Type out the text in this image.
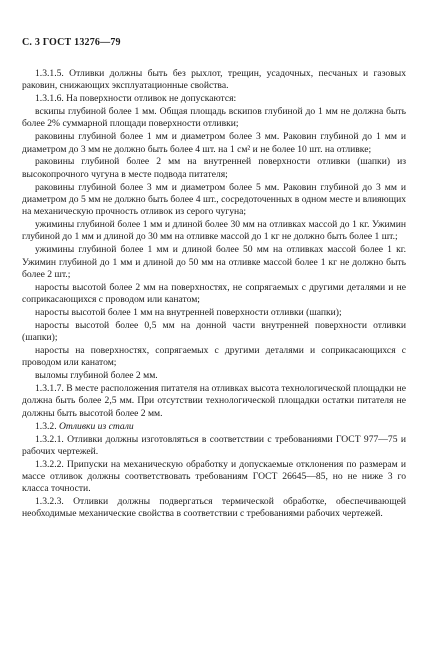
С. 3 ГОСТ 13276—79

1.3.1.5. Отливки должны быть без рыхлот, трещин, усадочных, песчаных и газовых раковин, снижающих эксплуатационные свойства.

1.3.1.6. На поверхности отливок не допускаются:

вскипы глубиной более 1 мм. Общая площадь вскипов глубиной до 1 мм не должна быть более 2% суммарной площади поверхности отливки;

раковины глубиной более 1 мм и диаметром более 3 мм. Раковин глубиной до 1 мм и диаметром до 3 мм не должно быть более 4 шт. на 1 см² и не более 10 шт. на отливке;

раковины глубиной более 2 мм на внутренней поверхности отливки (шапки) из высокопрочного чугуна в месте подвода питателя;

раковины глубиной более 3 мм и диаметром более 5 мм. Раковин глубиной до 3 мм и диаметром до 5 мм не должно быть более 4 шт., сосредоточенных в одном месте и влияющих на механическую прочность отливок из серого чугуна;

ужимины глубиной более 1 мм и длиной более 30 мм на отливках массой до 1 кг. Ужимин глубиной до 1 мм и длиной до 30 мм на отливке массой до 1 кг не должно быть более 1 шт.;

ужимины глубиной более 1 мм и длиной более 50 мм на отливках массой более 1 кг. Ужимин глубиной до 1 мм и длиной до 50 мм на отливке массой более 1 кг не должно быть более 2 шт.;

наросты высотой более 2 мм на поверхностях, не сопрягаемых с другими деталями и не соприкасающихся с проводом или канатом;

наросты высотой более 1 мм на внутренней поверхности отливки (шапки);

наросты высотой более 0,5 мм на донной части внутренней поверхности отливки (шапки);

наросты на поверхностях, сопрягаемых с другими деталями и соприкасающихся с проводом или канатом;

выломы глубиной более 2 мм.

1.3.1.7. В месте расположения питателя на отливках высота технологической площадки не должна быть более 2,5 мм. При отсутствии технологической площадки остатки питателя не должны быть высотой более 2 мм.

1.3.2. Отливки из стали

1.3.2.1. Отливки должны изготовляться в соответствии с требованиями ГОСТ 977—75 и рабочих чертежей.

1.3.2.2. Припуски на механическую обработку и допускаемые отклонения по размерам и массе отливок должны соответствовать требованиям ГОСТ 26645—85, но не ниже 3 го класса точности.

1.3.2.3. Отливки должны подвергаться термической обработке, обеспечивающей необходимые механические свойства в соответствии с требованиями рабочих чертежей.
